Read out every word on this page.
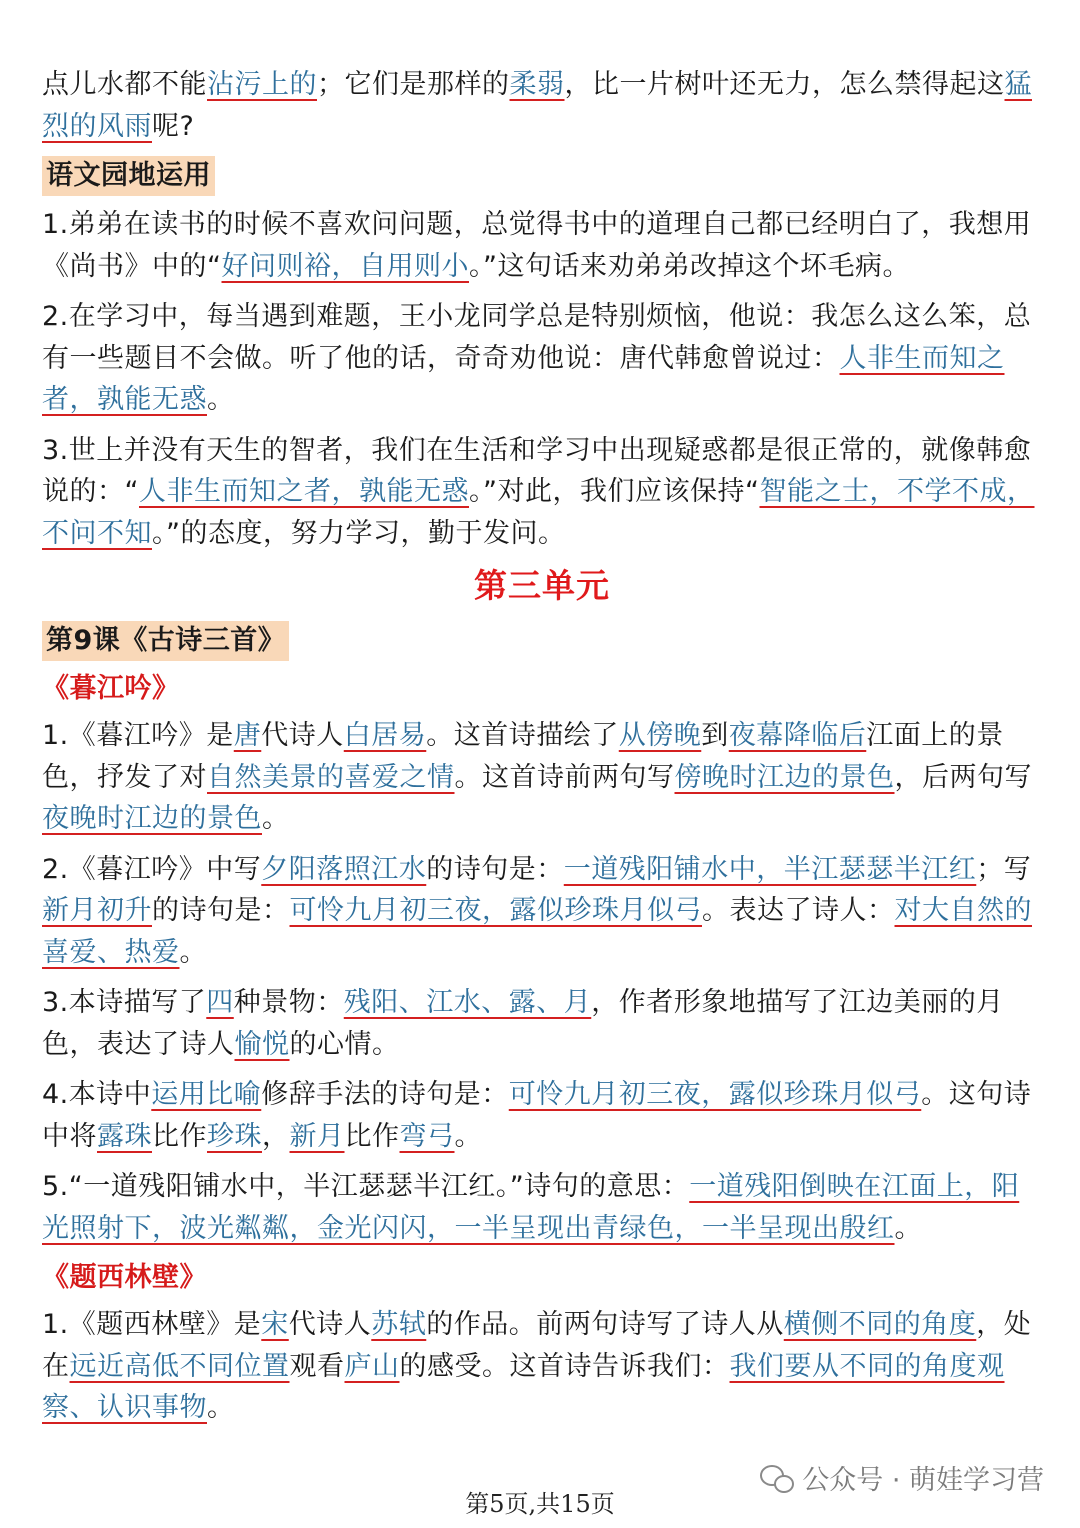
点儿水都不能沾污上的；它们是那样的柔弱，比一片树叶还无力，怎么禁得起这猛烈的风雨呢?

语文园地运用

1.弟弟在读书的时候不喜欢问问题，总觉得书中的道理自己都已经明白了，我想用《尚书》中的“好问则裕，自用则小。”这句话来劝弟弟改掉这个坏毛病。

2.在学习中，每当遇到难题，王小龙同学总是特别烦恼，他说：我怎么这么笨，总有一些题目不会做。听了他的话，奇奇劝他说：唐代韩愈曾说过：人非生而知之者，孰能无惑。

3.世上并没有天生的智者，我们在生活和学习中出现疑惑都是很正常的，就像韩愈说的：“人非生而知之者，孰能无惑。”对此，我们应该保持“智能之士，不学不成，不问不知。”的态度，努力学习，勤于发问。

第三单元
第9课《古诗三首》
《暮江吟》

1.《暮江吟》是唐代诗人白居易。这首诗描绘了从傍晚到夜幕降临后江面上的景色，抒发了对自然美景的喜爱之情。这首诗前两句写傍晚时江边的景色，后两句写夜晚时江边的景色。

2.《暮江吟》中写夕阳落照江水的诗句是：一道残阳铺水中，半江瑟瑟半江红；写新月初升的诗句是：可怜九月初三夜，露似珍珠月似弓。表达了诗人：对大自然的喜爱、热爱。

3.本诗描写了四种景物：残阳、江水、露、月，作者形象地描写了江边美丽的月色，表达了诗人愉悦的心情。

4.本诗中运用比喻修辞手法的诗句是：可怜九月初三夜，露似珍珠月似弓。这句诗中将露珠比作珍珠，新月比作弯弓。

5.“一道残阳铺水中，半江瑟瑟半江红。”诗句的意思：一道残阳倒映在江面上，阳光照射下，波光粼粼，金光闪闪，一半呈现出青绿色，一半呈现出殷红。

《题西林壁》

1.《题西林壁》是宋代诗人苏轼的作品。前两句诗写了诗人从横侧不同的角度，处在远近高低不同位置观看庐山的感受。这首诗告诉我们：我们要从不同的角度观察、认识事物。

公众号 · 萌娃学习营
第5页,共15页
